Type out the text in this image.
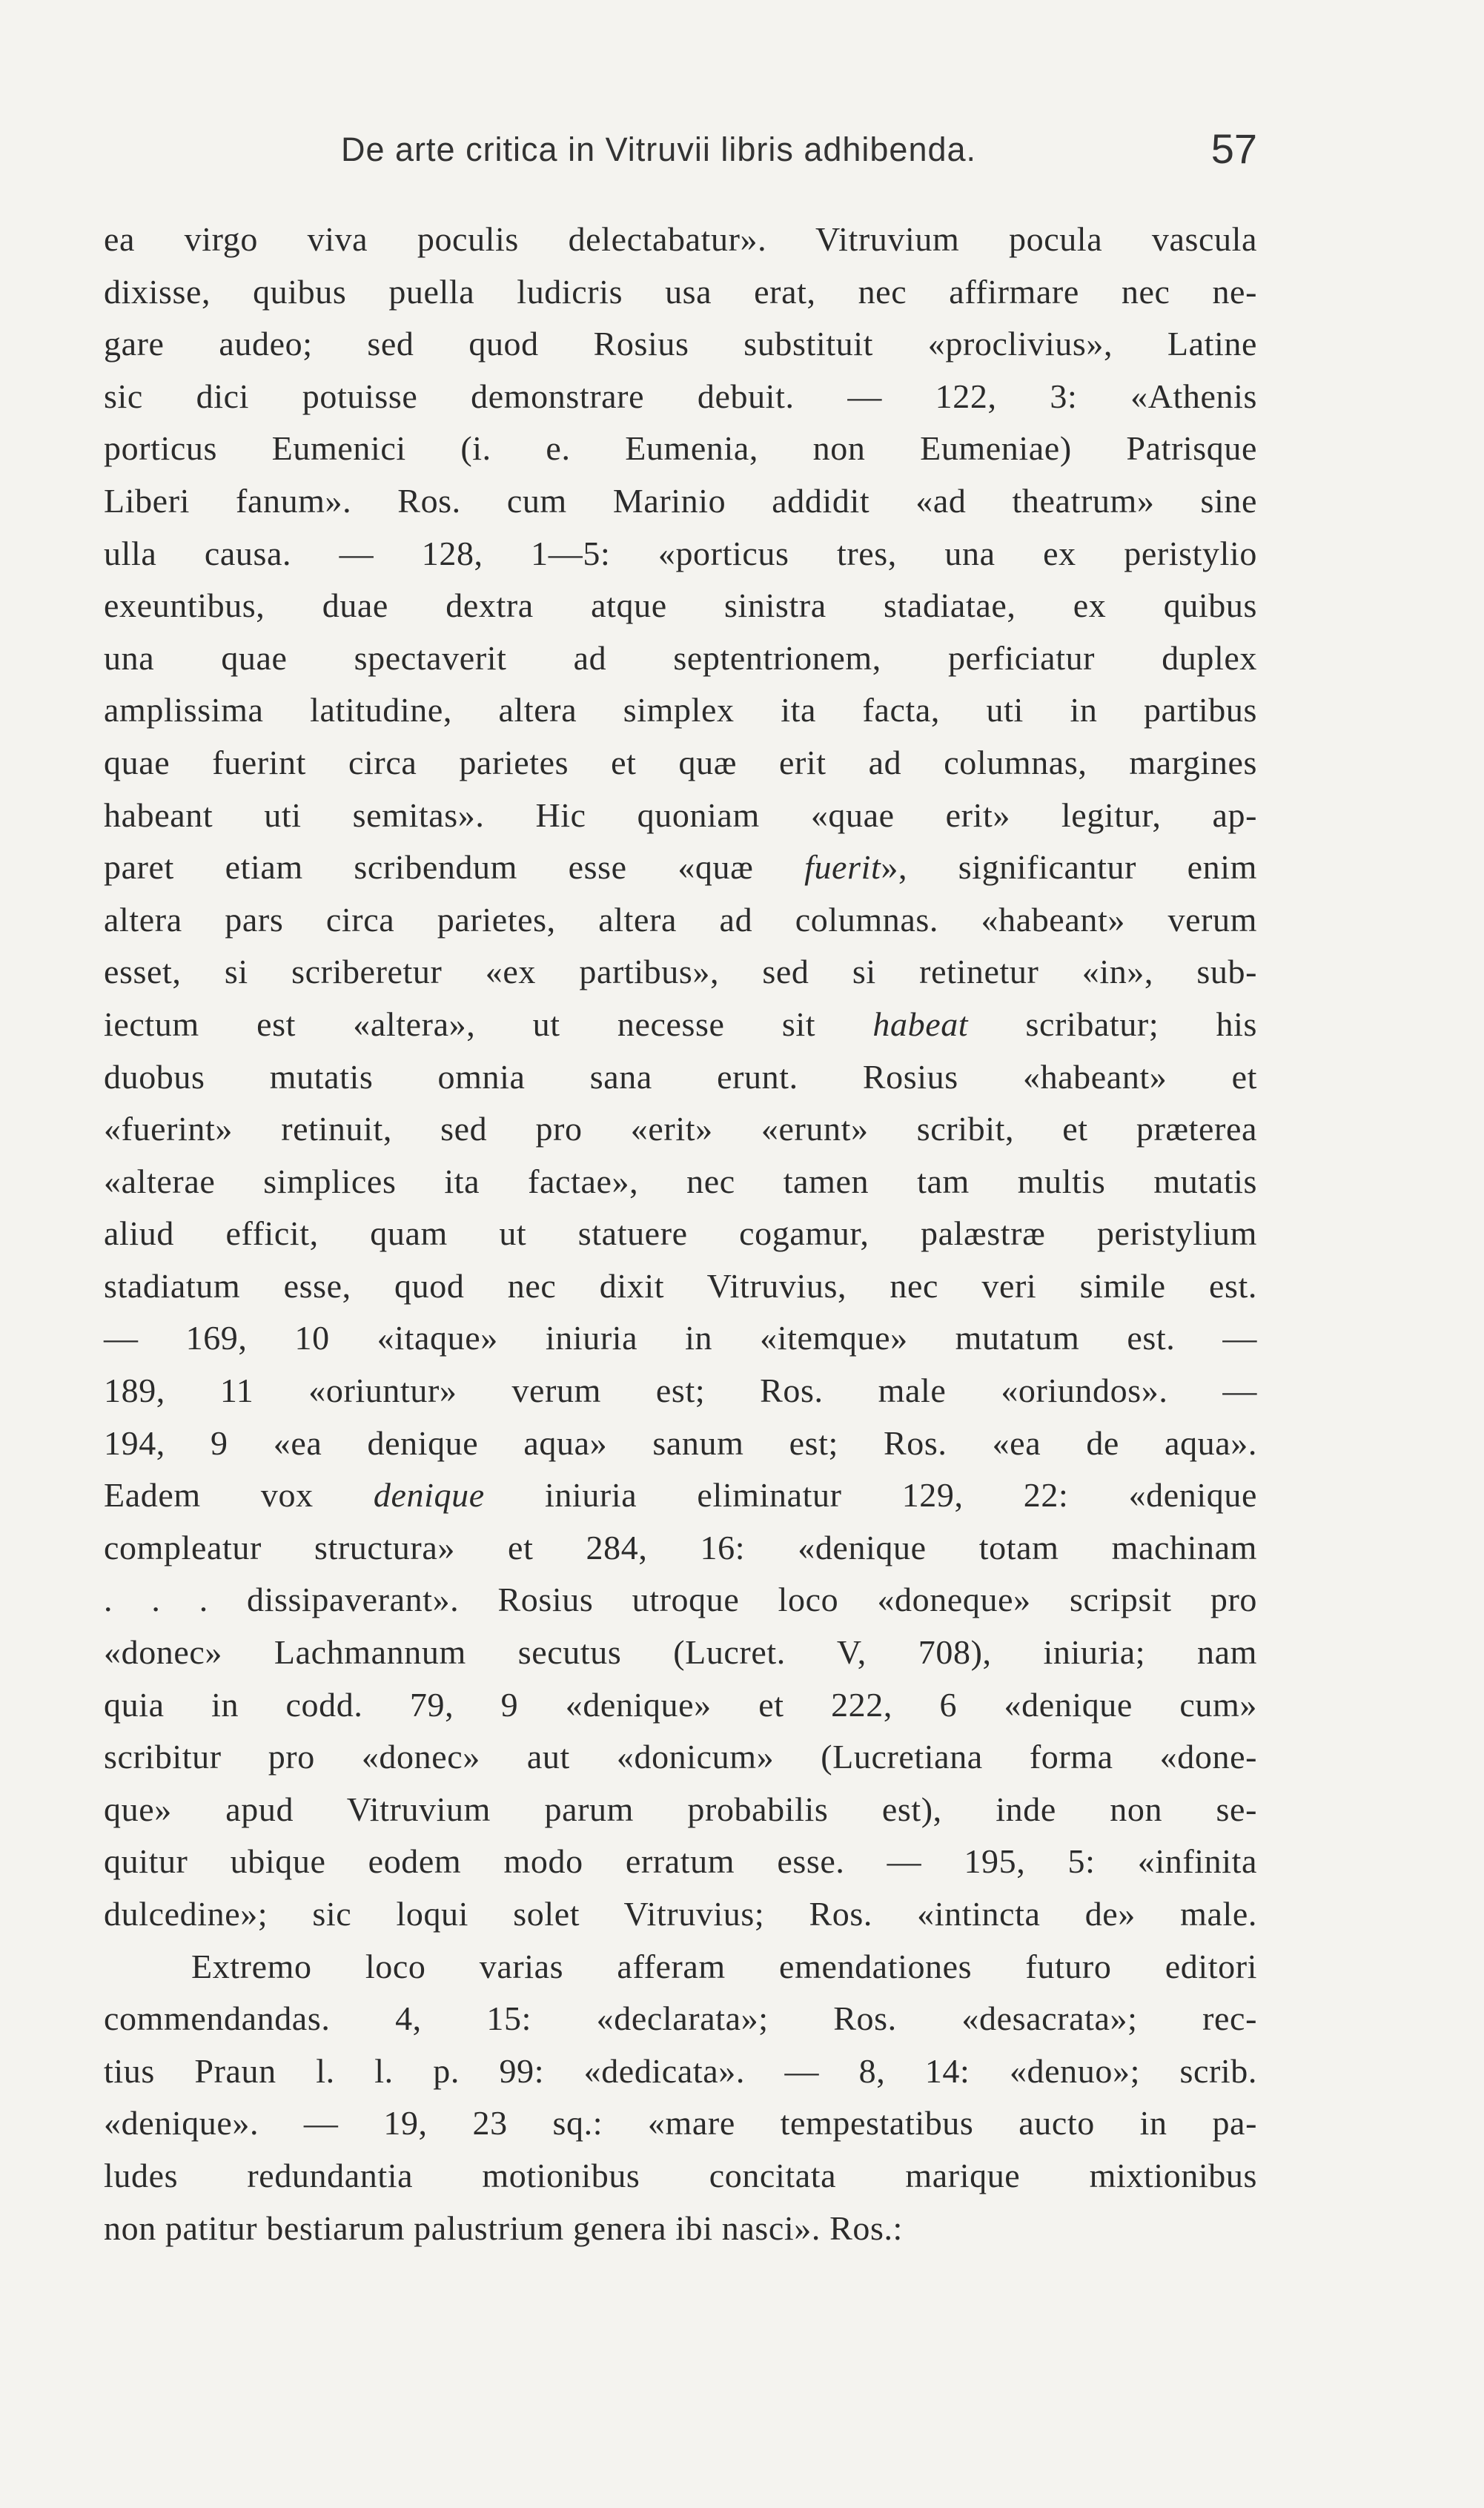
De arte critica in Vitruvii libris adhibenda.	57
ea virgo viva poculis delectabatur». Vitruvium pocula vascula
dixisse, quibus puella ludicris usa erat, nec affirmare nec ne-
gare audeo; sed quod Rosius substituit «proclivius», Latine
sic dici potuisse demonstrare debuit. — 122, 3: «Athenis
porticus Eumenici (i. e. Eumenia, non Eumeniae) Patrisque
Liberi fanum». Ros. cum Marinio addidit «ad theatrum» sine
ulla causa. — 128, 1—5: «porticus tres, una ex peristylio
exeuntibus, duae dextra atque sinistra stadiatae, ex quibus
una quae spectaverit ad septentrionem, perficiatur duplex
amplissima latitudine, altera simplex ita facta, uti in partibus
quae fuerint circa parietes et quæ erit ad columnas, margines
habeant uti semitas». Hic quoniam «quae erit» legitur, ap-
paret etiam scribendum esse «quæ fuerit», significantur enim
altera pars circa parietes, altera ad columnas. «habeant» verum
esset, si scriberetur «ex partibus», sed si retinetur «in», sub-
iectum est «altera», ut necesse sit habeat scribatur; his
duobus mutatis omnia sana erunt. Rosius «habeant» et
«fuerint» retinuit, sed pro «erit» «erunt» scribit, et præterea
«alterae simplices ita factae», nec tamen tam multis mutatis
aliud efficit, quam ut statuere cogamur, palæstræ peristylium
stadiatum esse, quod nec dixit Vitruvius, nec veri simile est.
— 169, 10 «itaque» iniuria in «itemque» mutatum est. —
189, 11 «oriuntur» verum est; Ros. male «oriundos». —
194, 9 «ea denique aqua» sanum est; Ros. «ea de aqua».
Eadem vox denique iniuria eliminatur 129, 22: «denique
compleatur structura» et 284, 16: «denique totam machinam
. . . dissipaverant». Rosius utroque loco «doneque» scripsit pro
«donec» Lachmannum secutus (Lucret. V, 708), iniuria; nam
quia in codd. 79, 9 «denique» et 222, 6 «denique cum»
scribitur pro «donec» aut «donicum» (Lucretiana forma «done-
que» apud Vitruvium parum probabilis est), inde non se-
quitur ubique eodem modo erratum esse. — 195, 5: «infinita
dulcedine»; sic loqui solet Vitruvius; Ros. «intincta de» male.
Extremo loco varias afferam emendationes futuro editori
commendandas. 4, 15: «declarata»; Ros. «desacrata»; rec-
tius Praun l. l. p. 99: «dedicata». — 8, 14: «denuo»; scrib.
«denique». — 19, 23 sq.: «mare tempestatibus aucto in pa-
ludes redundantia motionibus concitata marique mixtionibus
non patitur bestiarum palustrium genera ibi nasci». Ros.:
